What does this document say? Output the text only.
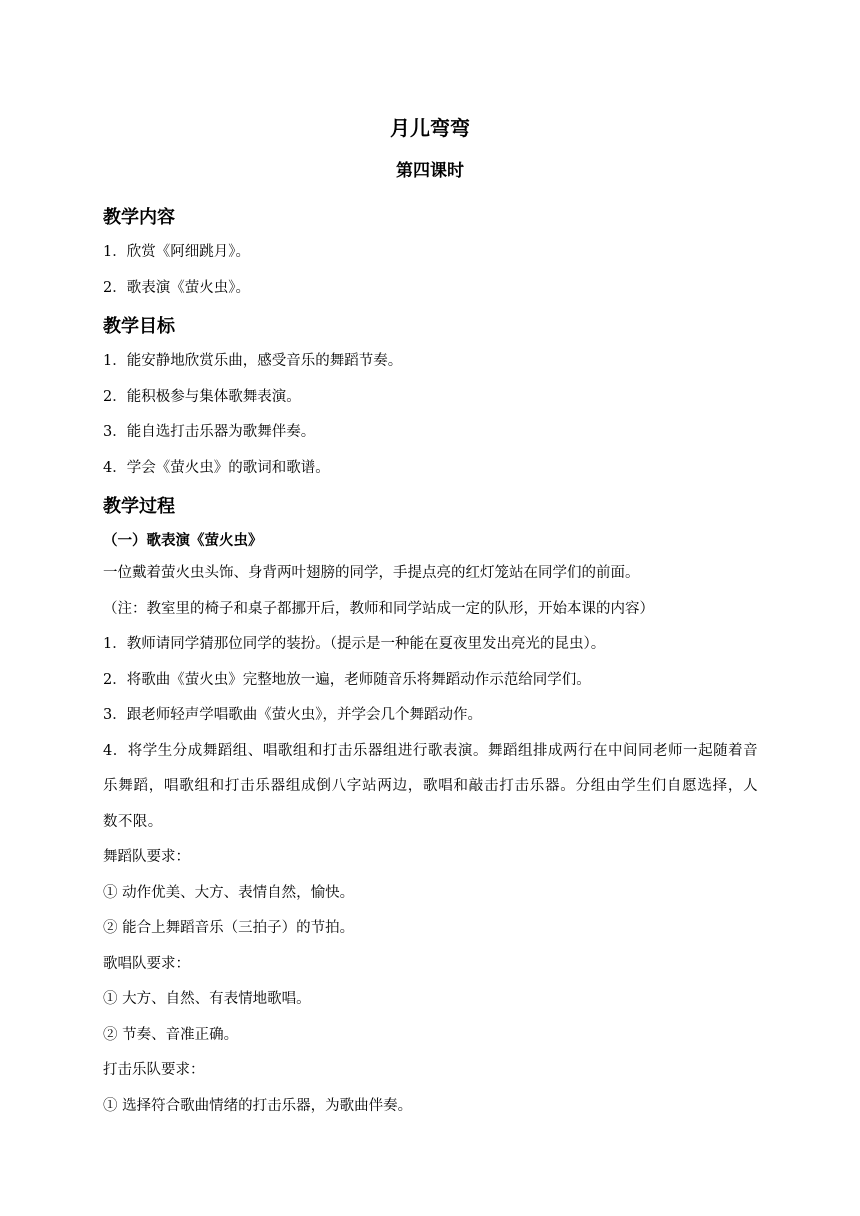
月儿弯弯
第四课时
教学内容
1．欣赏《阿细跳月》。
2．歌表演《萤火虫》。
教学目标
1．能安静地欣赏乐曲，感受音乐的舞蹈节奏。
2．能积极参与集体歌舞表演。
3．能自选打击乐器为歌舞伴奏。
4．学会《萤火虫》的歌词和歌谱。
教学过程
（一）歌表演《萤火虫》
一位戴着萤火虫头饰、身背两叶翅膀的同学，手提点亮的红灯笼站在同学们的前面。
（注：教室里的椅子和桌子都挪开后，教师和同学站成一定的队形，开始本课的内容）
1．教师请同学猜那位同学的装扮。（提示是一种能在夏夜里发出亮光的昆虫）。
2．将歌曲《萤火虫》完整地放一遍，老师随音乐将舞蹈动作示范给同学们。
3．跟老师轻声学唱歌曲《萤火虫》，并学会几个舞蹈动作。
4．将学生分成舞蹈组、唱歌组和打击乐器组进行歌表演。舞蹈组排成两行在中间同老师一起随着音乐舞蹈，唱歌组和打击乐器组成倒八字站两边，歌唱和敲击打击乐器。分组由学生们自愿选择，人数不限。
舞蹈队要求：
① 动作优美、大方、表情自然，愉快。
② 能合上舞蹈音乐（三拍子）的节拍。
歌唱队要求：
① 大方、自然、有表情地歌唱。
② 节奏、音准正确。
打击乐队要求：
① 选择符合歌曲情绪的打击乐器，为歌曲伴奏。
